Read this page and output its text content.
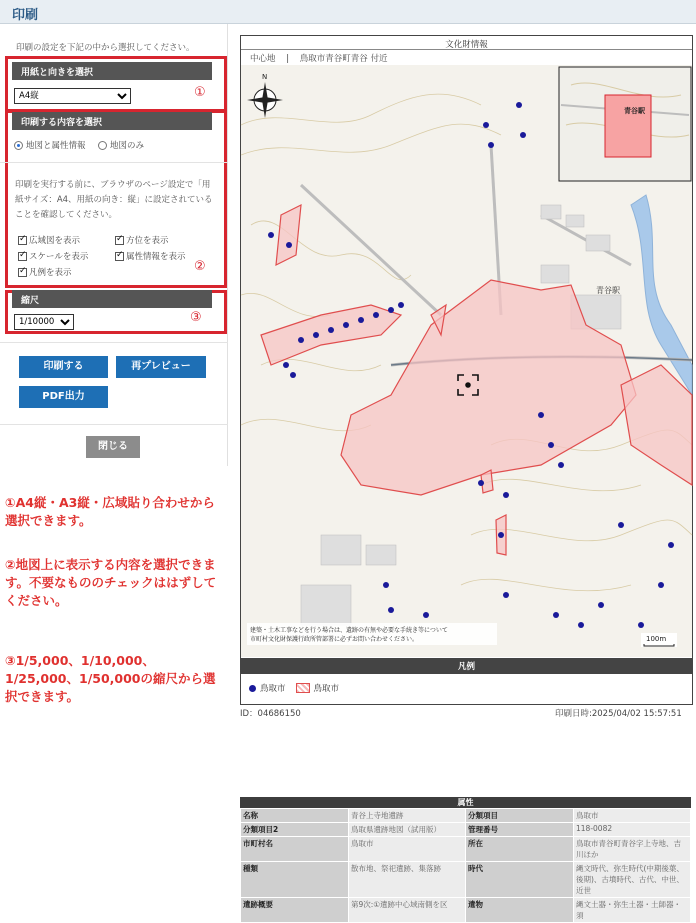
印刷
印刷の設定を下記の中から選択してください。
用紙と向きを選択
A4縦
①
印刷する内容を選択
地図と属性情報	地図のみ
印刷を実行する前に、ブラウザのページ設定で「用紙サイズ：A4、用紙の向き：縦」に設定されていることを確認してください。
✓
広域図を表示 ✓	方位を表示
✓
スケールを表示 ✓	属性情報を表示
✓
凡例を表示	②
縮尺
1/10000
③
印刷する	再プレビュー
PDF出力
閉じる
①A4縦・A3縦・広域貼り合わせから選択できます。
②地図上に表示する内容を選択できます。不要なもののチェックははずしてください。
③1/5,000、1/10,000、1/25,000、1/50,000の縮尺から選択できます。
文化財情報
中心地 | 鳥取市青谷町青谷 付近
青谷駅
N
青谷駅
建築・土木工事などを行う場合は、遺跡の有無や必要な手続き等について
市町村文化財保護行政所管部署に必ずお問い合わせください。	100m
凡例
鳥取市	鳥取市
ID：04686150	印刷日時:2025/04/02 15:57:51
属性
名称	青谷上寺地遺跡	分類項目	鳥取市
分類項目2	鳥取県遺跡地図（試用版）	管理番号	118-0082
市町村名	鳥取市	所在	鳥取市青谷町青谷字上寺地、吉川ほか
種類	散布地、祭祀遺跡、集落跡	時代	縄文時代、弥生時代(中期後葉、後期)、古墳時代、古代、中世、近世
遺跡概要	第9次:①遺跡中心域南側を区	遺物	縄文土器・弥生土器・土師器・須
